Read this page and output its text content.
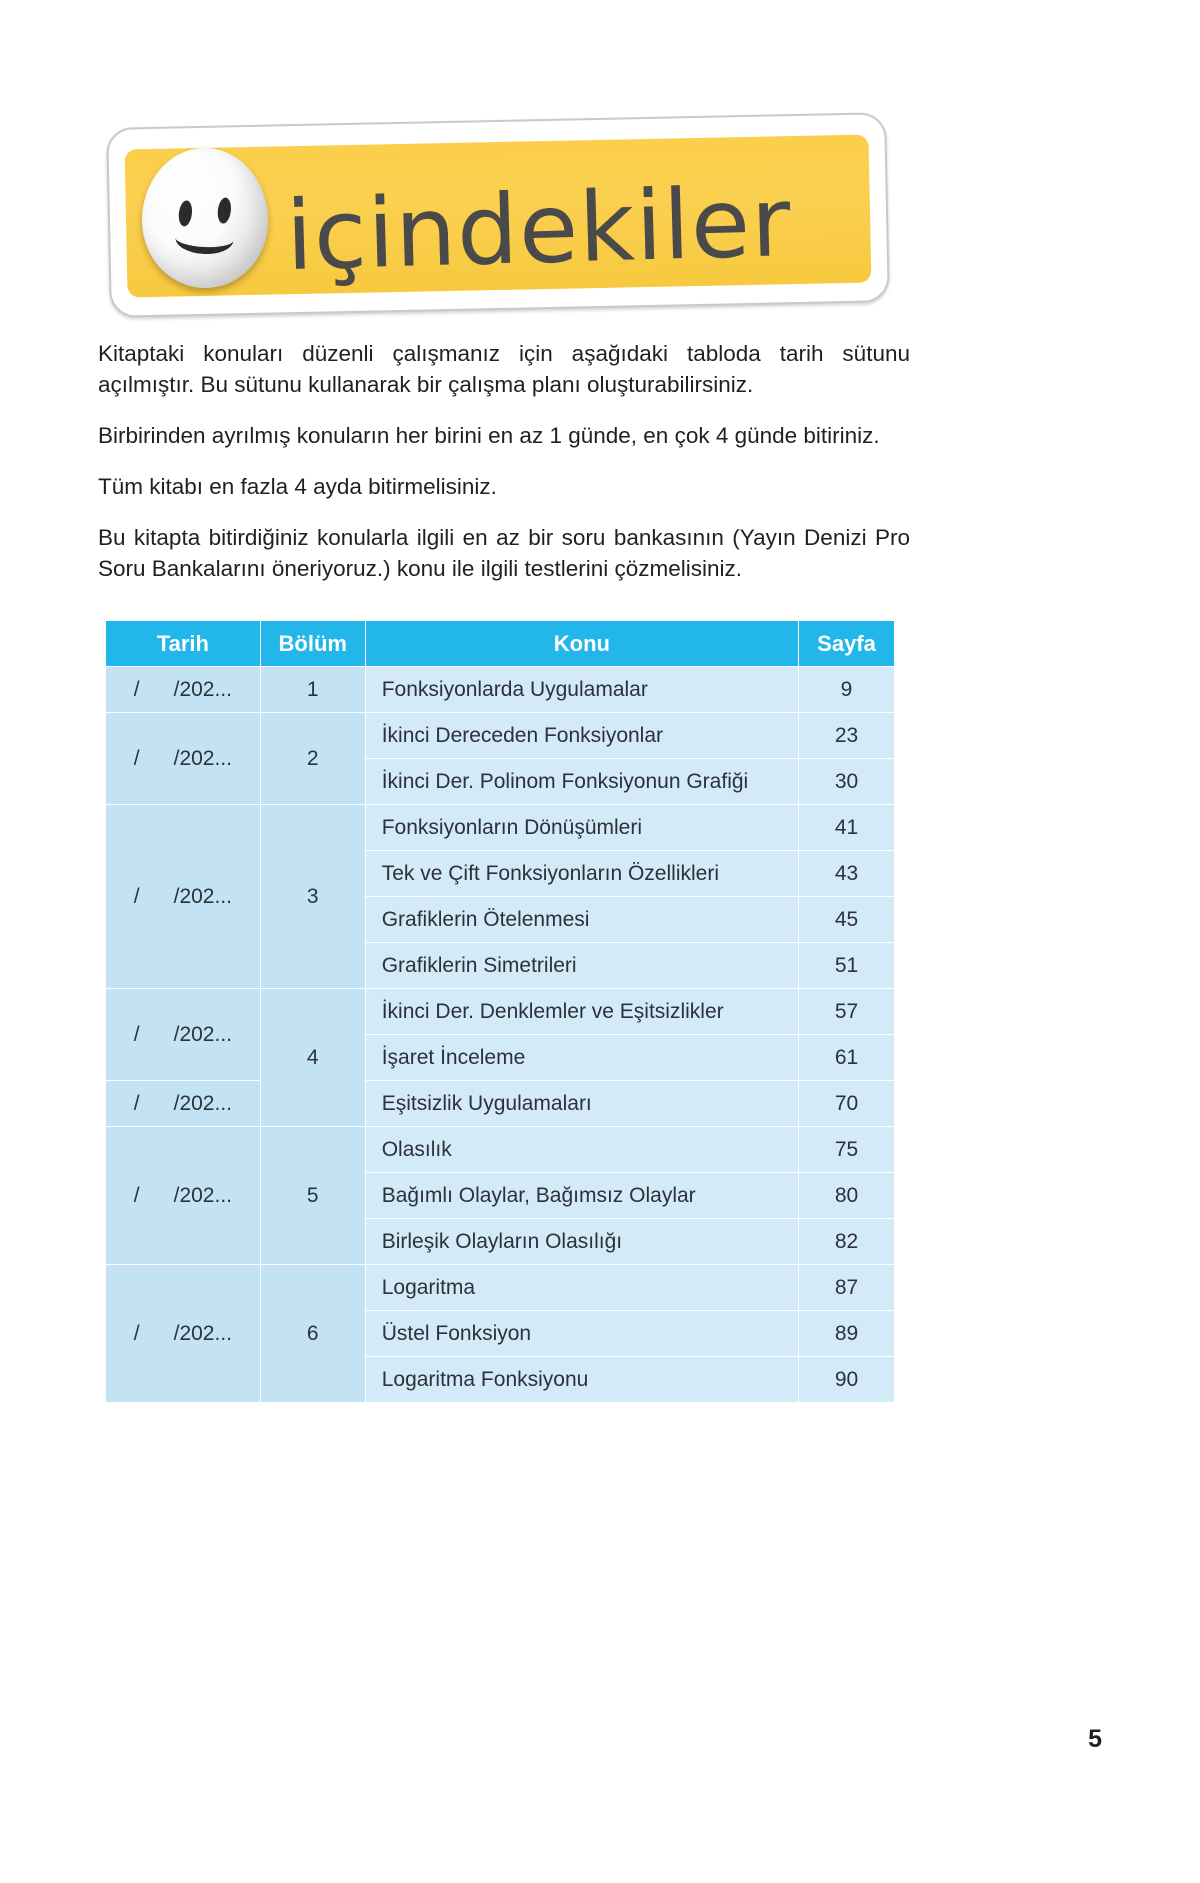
içindekiler

Kitaptaki konuları düzenli çalışmanız için aşağıdaki tabloda tarih sütunu açılmıştır. Bu sütunu kullanarak bir çalışma planı oluşturabilirsiniz.

Birbirinden ayrılmış konuların her birini en az 1 günde, en çok 4 günde bitiriniz.

Tüm kitabı en fazla 4 ayda bitirmelisiniz.

Bu kitapta bitirdiğiniz konularla ilgili en az bir soru bankasının (Yayın Denizi Pro Soru Bankalarını öneriyoruz.) konu ile ilgili testlerini çözmelisiniz.

Tarih	Bölüm	Konu	Sayfa
/ /202...	1	Fonksiyonlarda Uygulamalar	9
/ /202...	2	İkinci Dereceden Fonksiyonlar	23
		İkinci Der. Polinom Fonksiyonun Grafiği	30
/ /202...	3	Fonksiyonların Dönüşümleri	41
		Tek ve Çift Fonksiyonların Özellikleri	43
		Grafiklerin Ötelenmesi	45
		Grafiklerin Simetrileri	51
/ /202...	4	İkinci Der. Denklemler ve Eşitsizlikler	57
		İşaret İnceleme	61
/ /202...		Eşitsizlik Uygulamaları	70
/ /202...	5	Olasılık	75
		Bağımlı Olaylar, Bağımsız Olaylar	80
		Birleşik Olayların Olasılığı	82
/ /202...	6	Logaritma	87
		Üstel Fonksiyon	89
		Logaritma Fonksiyonu	90
5
